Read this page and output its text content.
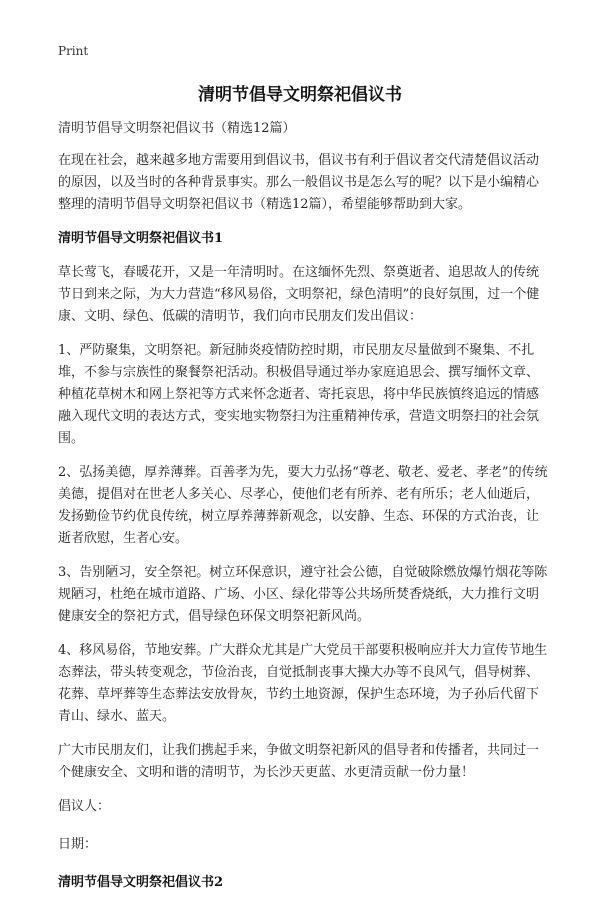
Print
清明节倡导文明祭祀倡议书

清明节倡导文明祭祀倡议书（精选12篇）

在现在社会，越来越多地方需要用到倡议书，倡议书有利于倡议者交代清楚倡议活动的原因，以及当时的各种背景事实。那么一般倡议书是怎么写的呢？以下是小编精心整理的清明节倡导文明祭祀倡议书（精选12篇），希望能够帮助到大家。

清明节倡导文明祭祀倡议书1

草长莺飞，春暖花开，又是一年清明时。在这缅怀先烈、祭奠逝者、追思故人的传统节日到来之际，为大力营造“移风易俗，文明祭祀，绿色清明”的良好氛围，过一个健康、文明、绿色、低碳的清明节，我们向市民朋友们发出倡议：

1、严防聚集，文明祭祀。新冠肺炎疫情防控时期，市民朋友尽量做到不聚集、不扎堆，不参与宗族性的聚餐祭祀活动。积极倡导通过举办家庭追思会、撰写缅怀文章、种植花草树木和网上祭祀等方式来怀念逝者、寄托哀思，将中华民族慎终追远的情感融入现代文明的表达方式，变实地实物祭扫为注重精神传承，营造文明祭扫的社会氛围。

2、弘扬美德，厚养薄葬。百善孝为先，要大力弘扬“尊老、敬老、爱老、孝老”的传统美德，提倡对在世老人多关心、尽孝心，使他们老有所养、老有所乐；老人仙逝后，发扬勤俭节约优良传统，树立厚养薄葬新观念，以安静、生态、环保的方式治丧，让逝者欣慰，生者心安。

3、告别陋习，安全祭祀。树立环保意识，遵守社会公德，自觉破除燃放爆竹烟花等陈规陋习，杜绝在城市道路、广场、小区、绿化带等公共场所焚香烧纸，大力推行文明健康安全的祭祀方式，倡导绿色环保文明祭祀新风尚。

4、移风易俗，节地安葬。广大群众尤其是广大党员干部要积极响应并大力宣传节地生态葬法，带头转变观念，节俭治丧，自觉抵制丧事大操大办等不良风气，倡导树葬、花葬、草坪葬等生态葬法安放骨灰，节约土地资源，保护生态环境，为子孙后代留下青山、绿水、蓝天。

广大市民朋友们，让我们携起手来，争做文明祭祀新风的倡导者和传播者，共同过一个健康安全、文明和谐的清明节，为长沙天更蓝、水更清贡献一份力量！

倡议人：

日期：

清明节倡导文明祭祀倡议书2
